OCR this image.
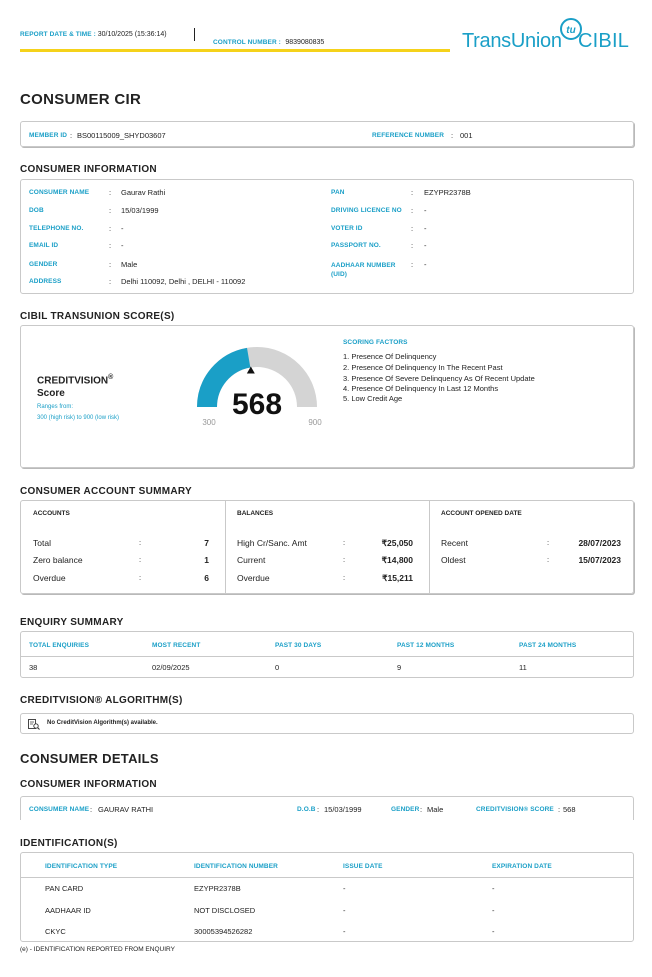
REPORT DATE & TIME : 30/10/2025 (15:36:14)
CONTROL NUMBER : 9839080835	TransUnion tu CIBIL
CONSUMER CIR
MEMBER ID : BS00115009_SHYD03607	REFERENCE NUMBER : 001
CONSUMER INFORMATION
CONSUMER NAME	: Gaurav Rathi
DOB	: 15/03/1999
TELEPHONE NO.	: -
EMAIL ID	: -
GENDER	: Male
ADDRESS	: Delhi 110092, Delhi , DELHI - 110092
PAN	: EZYPR2378B
DRIVING LICENCE NO : -
VOTER ID	: -
PASSPORT NO.	: -
AADHAAR NUMBER (UID)
: -
CIBIL TRANSUNION SCORE(S)
CREDITVISION®
Score
Ranges from:
300 (high risk) to 900 (low risk)	568
300	900
SCORING FACTORS
1. Presence Of Delinquency
2. Presence Of Delinquency In The Recent Past
3. Presence Of Severe Delinquency As Of Recent Update
4. Presence Of Delinquency In Last 12 Months
5. Low Credit Age
CONSUMER ACCOUNT SUMMARY
ACCOUNTS
Total	:	7
Zero balance	:	1
Overdue	:	6
BALANCES
High Cr/Sanc. Amt	:	₹25,050
Current	:	₹14,800
Overdue	:	₹15,211
ACCOUNT OPENED DATE
Recent	:	28/07/2023
Oldest	:	15/07/2023
ENQUIRY SUMMARY
TOTAL ENQUIRIES	MOST RECENT	PAST 30 DAYS	PAST 12 MONTHS	PAST 24 MONTHS
38	02/09/2025	0	9	11
CREDITVISION® ALGORITHM(S)
No CreditVision Algorithm(s) available.
CONSUMER DETAILS
CONSUMER INFORMATION
CONSUMER NAME : GAURAV RATHI	D.O.B : 15/03/1999	GENDER : Male	CREDITVISION® SCORE : 568
IDENTIFICATION(S)
IDENTIFICATION TYPE	IDENTIFICATION NUMBER	ISSUE DATE	EXPIRATION DATE
PAN CARD	EZYPR2378B	-	-
AADHAAR ID	NOT DISCLOSED	-	-
CKYC	30005394526282	-	-
(e) - IDENTIFICATION REPORTED FROM ENQUIRY
